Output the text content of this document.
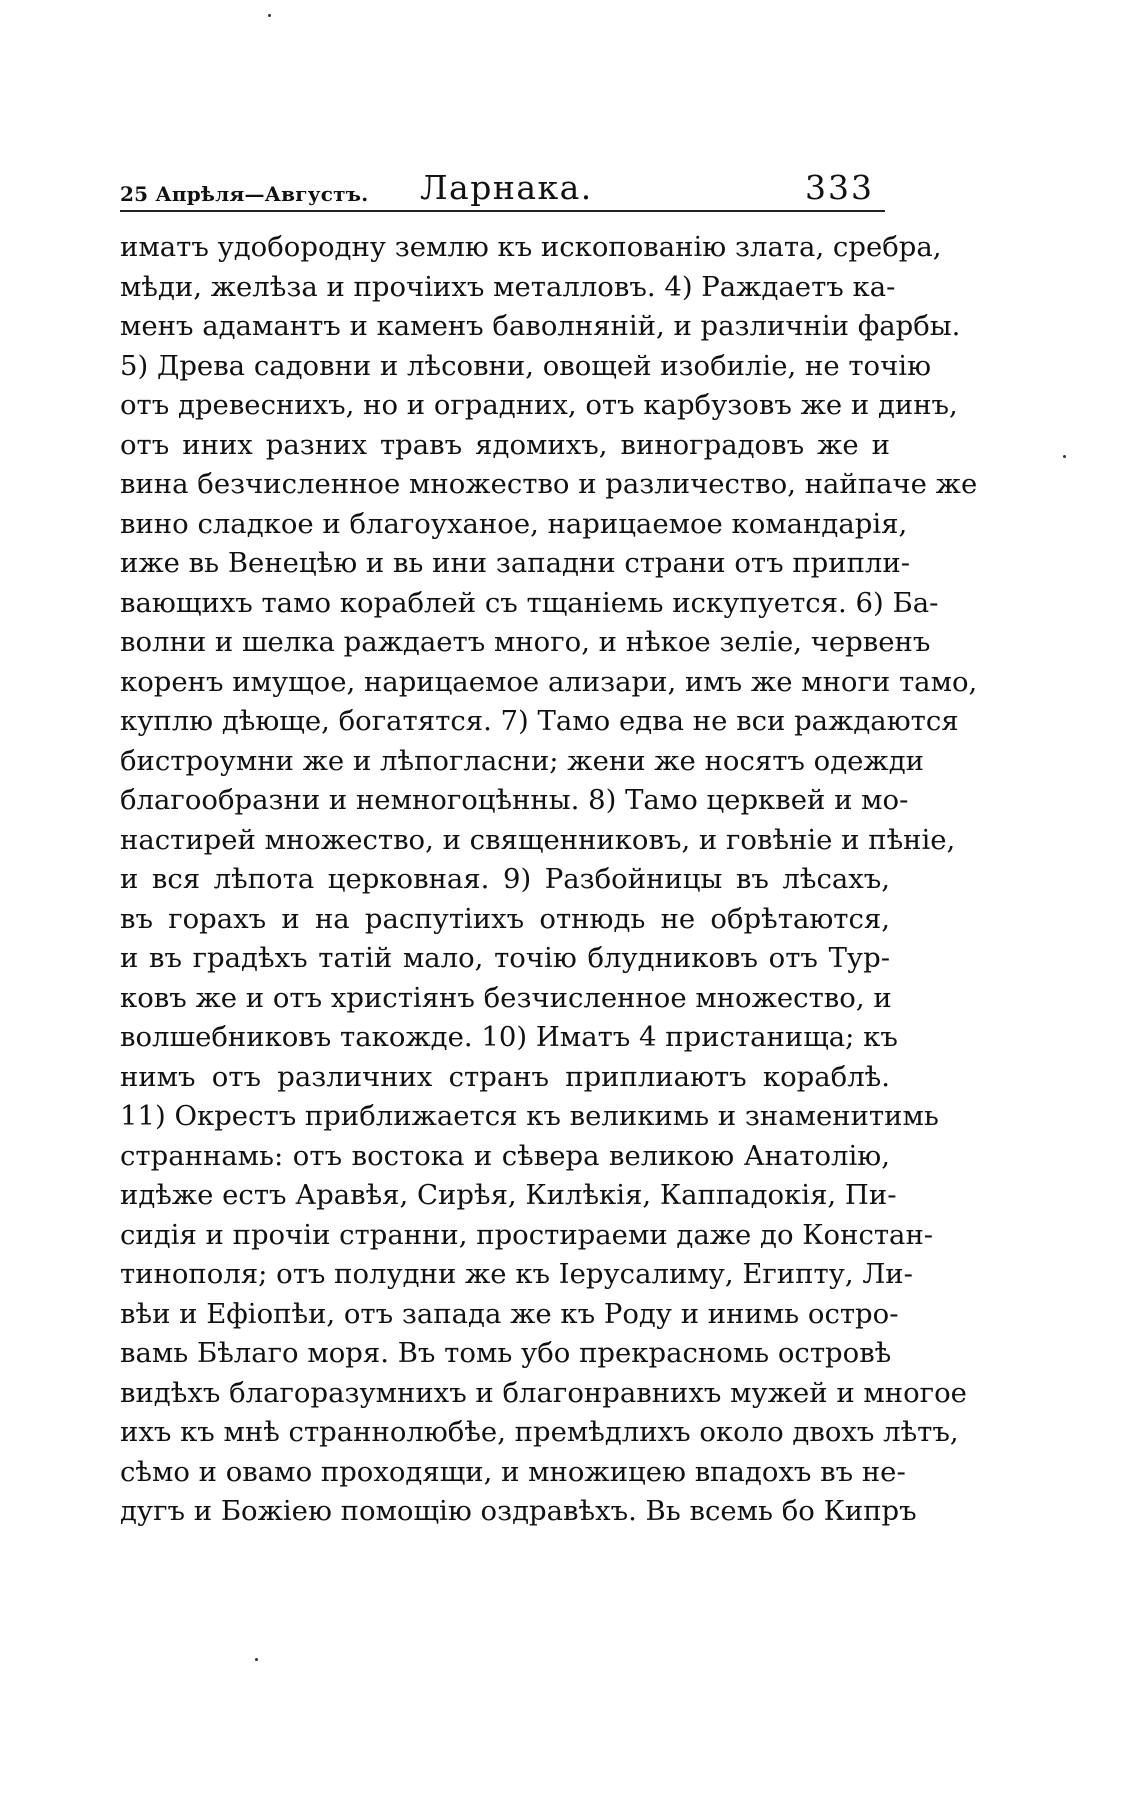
25 Апрѣля—Августъ. Ларнака.	333
иматъ удобородну землю къ ископованію злата, сребра,
мѣди, желѣза и прочіихъ металловъ. 4) Раждаетъ ка-
менъ адамантъ и каменъ баволняній, и различніи фарбы.
5) Древа садовни и лѣсовни, овощей изобиліе, не точію
отъ древеснихъ, но и оградних, отъ карбузовъ же и динъ,
отъ иних разних травъ ядомихъ, виноградовъ же и
вина безчисленное множество и различество, найпаче же
вино сладкое и благоуханое, нарицаемое командарія,
иже вь Венецѣю и вь ини западни страни отъ припли-
вающихъ тамо кораблей съ тщаніемь искупуется. 6) Ба-
волни и шелка раждаетъ много, и нѣкое зеліе, червенъ
коренъ имущое, нарицаемое ализари, имъ же многи тамо,
куплю дѣюще, богатятся. 7) Тамо едва не вси раждаются
бистроумни же и лѣпогласни; жени же носятъ одежди
благообразни и немногоцѣнны. 8) Тамо церквей и мо-
настирей множество, и священниковъ, и говѣніе и пѣніе,
и вся лѣпота церковная. 9) Разбойницы въ лѣсахъ,
въ горахъ и на распутіихъ отнюдь не обрѣтаются,
и въ градѣхъ татій мало, точію блудниковъ отъ Тур-
ковъ же и отъ христіянъ безчисленное множество, и
волшебниковъ такожде. 10) Иматъ 4 пристанища; къ
нимъ отъ различних странъ приплиаютъ кораблѣ.
11) Окрестъ приближается къ великимь и знаменитимь
страннамь: отъ востока и сѣвера великою Анатолію,
идѣже естъ Аравѣя, Сирѣя, Килѣкія, Каппадокія, Пи-
сидія и прочіи странни, простираеми даже до Констан-
тинополя; отъ полудни же къ Іерусалиму, Египту, Ли-
вѣи и Ефіопѣи, отъ запада же къ Роду и инимь остро-
вамь Бѣлаго моря. Въ томь убо прекрасномь островѣ
видѣхъ благоразумнихъ и благонравнихъ мужей и многое
ихъ къ мнѣ страннолюбѣе, премѣдлихъ около двохъ лѣтъ,
сѣмо и овамо проходящи, и множицею впадохъ въ не-
дугъ и Божіею помощію оздравѣхъ. Вь всемь бо Кипръ
